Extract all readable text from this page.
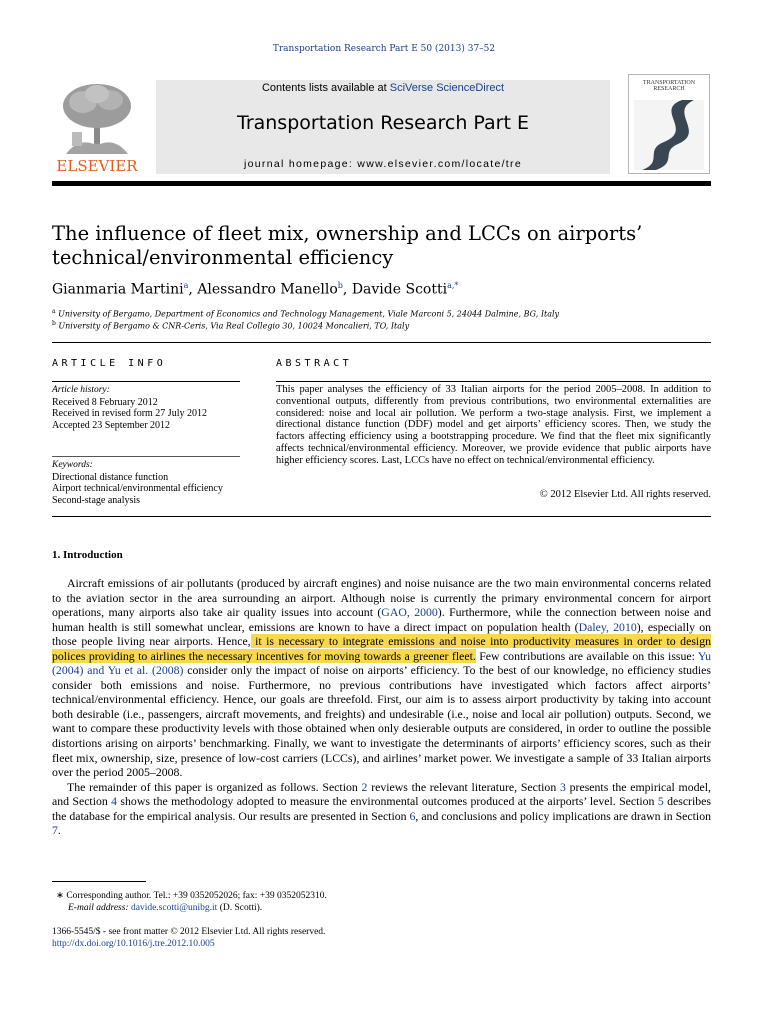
Transportation Research Part E 50 (2013) 37–52
ELSEVIER
Contents lists available at SciVerse ScienceDirect
Transportation Research Part E
journal homepage: www.elsevier.com/locate/tre
TRANSPORTATION RESEARCH
The influence of fleet mix, ownership and LCCs on airports’
technical/environmental efficiency
Gianmaria Martini$^a$, Alessandro Manello$^b$, Davide Scotti$^{a,*}$
$^a$ University of Bergamo, Department of Economics and Technology Management, Viale Marconi 5, 24044 Dalmine, BG, Italy
$^b$ University of Bergamo & CNR-Ceris, Via Real Collegio 30, 10024 Moncalieri, TO, Italy
ARTICLE INFO	ABSTRACT
Article history:
Received 8 February 2012
Received in revised form 27 July 2012
Accepted 23 September 2012
Keywords:
Directional distance function
Airport technical/environmental efficiency
Second-stage analysis
This paper analyses the efficiency of 33 Italian airports for the period 2005–2008. In addition to conventional outputs, differently from previous contributions, two environmental externalities are considered: noise and local air pollution. We perform a two-stage analysis. First, we implement a directional distance function (DDF) model and get airports’ efficiency scores. Then, we study the factors affecting efficiency using a bootstrapping procedure. We find that the fleet mix significantly affects technical/environmental efficiency. Moreover, we provide evidence that public airports have higher efficiency scores. Last, LCCs have no effect on technical/environmental efficiency.
© 2012 Elsevier Ltd. All rights reserved.
1. Introduction

Aircraft emissions of air pollutants (produced by aircraft engines) and noise nuisance are the two main environmental concerns related to the aviation sector in the area surrounding an airport. Although noise is currently the primary environmental concern for airport operations, many airports also take air quality issues into account (GAO, 2000). Furthermore, while the connection between noise and human health is still somewhat unclear, emissions are known to have a direct impact on population health (Daley, 2010), especially on those people living near airports. Hence, it is necessary to integrate emissions and noise into productivity measures in order to design polices providing to airlines the necessary incentives for moving towards a greener fleet. Few contributions are available on this issue: Yu (2004) and Yu et al. (2008) consider only the impact of noise on airports’ efficiency. To the best of our knowledge, no efficiency studies consider both emissions and noise. Furthermore, no previous contributions have investigated which factors affect airports’ technical/environmental efficiency. Hence, our goals are threefold. First, our aim is to assess airport productivity by taking into account both desirable (i.e., passengers, aircraft movements, and freights) and undesirable (i.e., noise and local air pollution) outputs. Second, we want to compare these productivity levels with those obtained when only desierable outputs are considered, in order to outline the possible distortions arising on airports’ benchmarking. Finally, we want to investigate the determinants of airports’ efficiency scores, such as their fleet mix, ownership, size, presence of low-cost carriers (LCCs), and airlines’ market power. We investigate a sample of 33 Italian airports over the period 2005–2008.

The remainder of this paper is organized as follows. Section 2 reviews the relevant literature, Section 3 presents the empirical model, and Section 4 shows the methodology adopted to measure the environmental outcomes produced at the airports’ level. Section 5 describes the database for the empirical analysis. Our results are presented in Section 6, and conclusions and policy implications are drawn in Section 7.

∗ Corresponding author. Tel.: +39 0352052026; fax: +39 0352052310.
E-mail address: davide.scotti@unibg.it (D. Scotti).
1366-5545/$ - see front matter © 2012 Elsevier Ltd. All rights reserved.
http://dx.doi.org/10.1016/j.tre.2012.10.005
